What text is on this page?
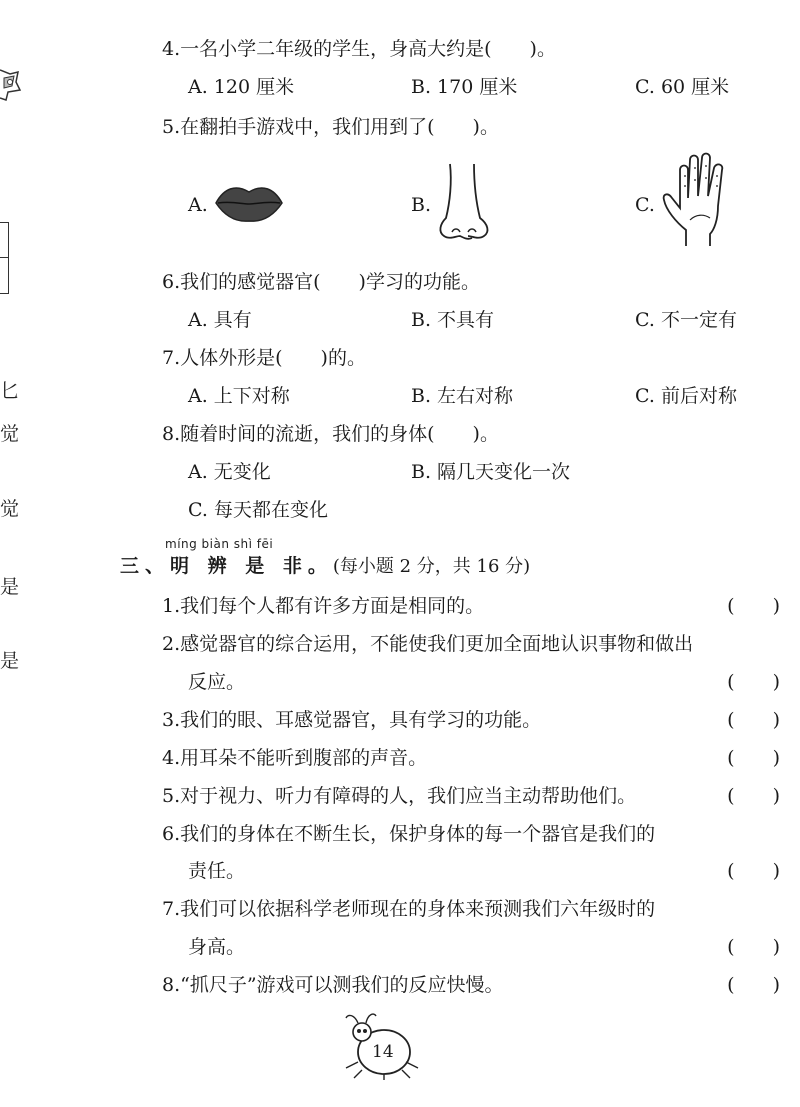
匕
觉
觉
是
是
4.一名小学二年级的学生，身高大约是(　　)。
A. 120 厘米	B. 170 厘米	C. 60 厘米
5.在翻拍手游戏中，我们用到了(　　)。
A.	B.	C.
6.我们的感觉器官(　　)学习的功能。
A. 具有	B. 不具有	C. 不一定有
7.人体外形是(　　)的。
A. 上下对称	B. 左右对称	C. 前后对称
8.随着时间的流逝，我们的身体(　　)。
A. 无变化	B. 隔几天变化一次
C. 每天都在变化
míng biàn shì fēi
三、明 辨 是 非。(每小题 2 分，共 16 分)
1.我们每个人都有许多方面是相同的。	(　　)
2.感觉器官的综合运用，不能使我们更加全面地认识事物和做出
反应。	(　　)
3.我们的眼、耳感觉器官，具有学习的功能。	(　　)
4.用耳朵不能听到腹部的声音。	(　　)
5.对于视力、听力有障碍的人，我们应当主动帮助他们。	(　　)
6.我们的身体在不断生长，保护身体的每一个器官是我们的
责任。	(　　)
7.我们可以依据科学老师现在的身体来预测我们六年级时的
身高。	(　　)
8.“抓尺子”游戏可以测我们的反应快慢。	(　　)
14
